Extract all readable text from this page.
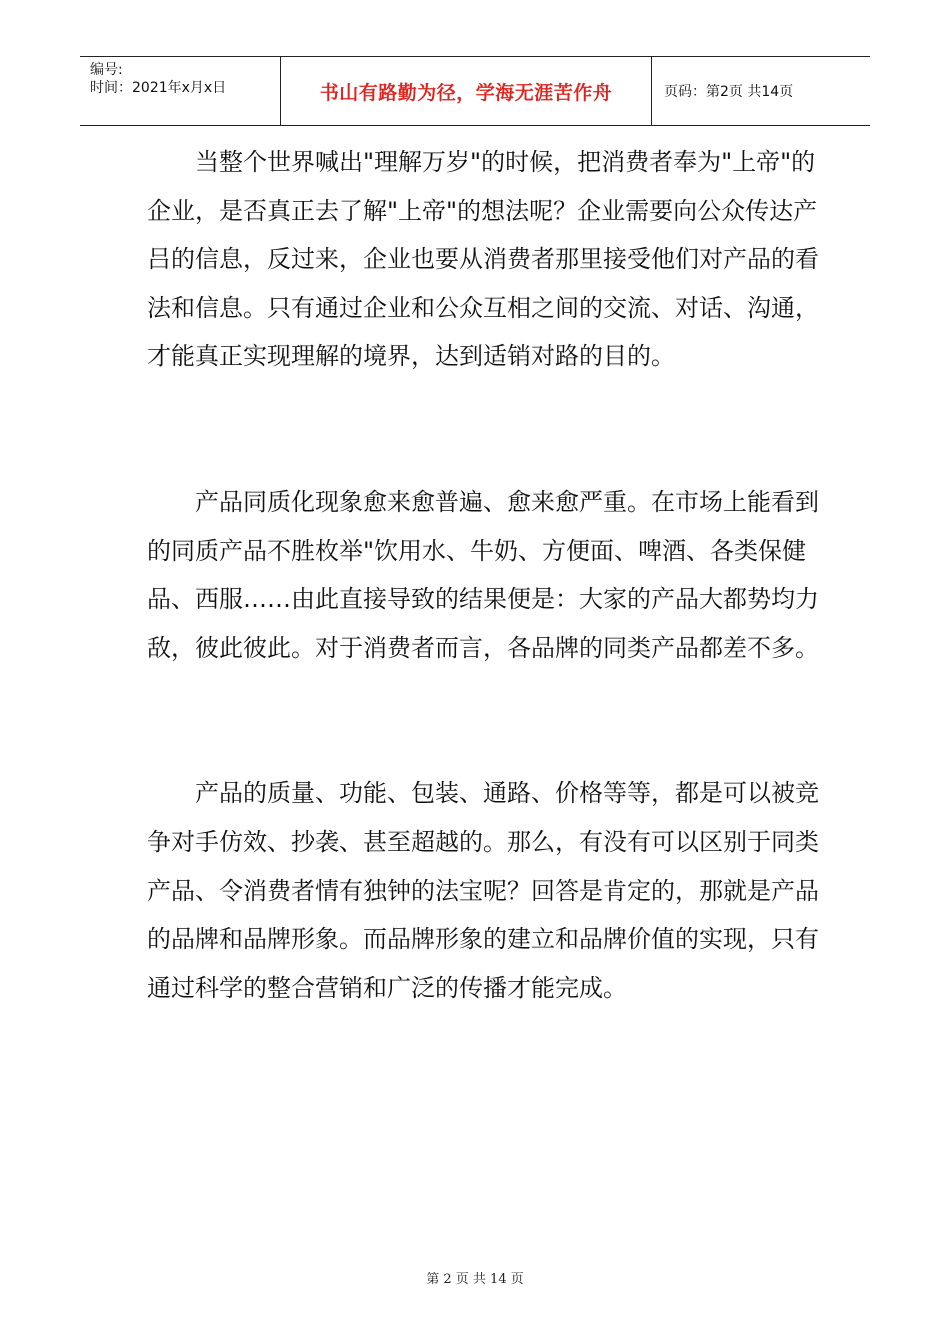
编号:
时间：2021年x月x日	书山有路勤为径，学海无涯苦作舟	页码：第2页 共14页

当整个世界喊出"理解万岁"的时候，把消费者奉为"上帝"的企业，是否真正去了解"上帝"的想法呢？企业需要向公众传达产吕的信息，反过来，企业也要从消费者那里接受他们对产品的看法和信息。只有通过企业和公众互相之间的交流、对话、沟通，才能真正实现理解的境界，达到适销对路的目的。

产品同质化现象愈来愈普遍、愈来愈严重。在市场上能看到的同质产品不胜枚举"饮用水、牛奶、方便面、啤酒、各类保健品、西服……由此直接导致的结果便是：大家的产品大都势均力敌，彼此彼此。对于消费者而言，各品牌的同类产品都差不多。

产品的质量、功能、包装、通路、价格等等，都是可以被竞争对手仿效、抄袭、甚至超越的。那么，有没有可以区别于同类产品、令消费者情有独钟的法宝呢？回答是肯定的，那就是产品的品牌和品牌形象。而品牌形象的建立和品牌价值的实现，只有通过科学的整合营销和广泛的传播才能完成。

第 2 页 共 14 页
